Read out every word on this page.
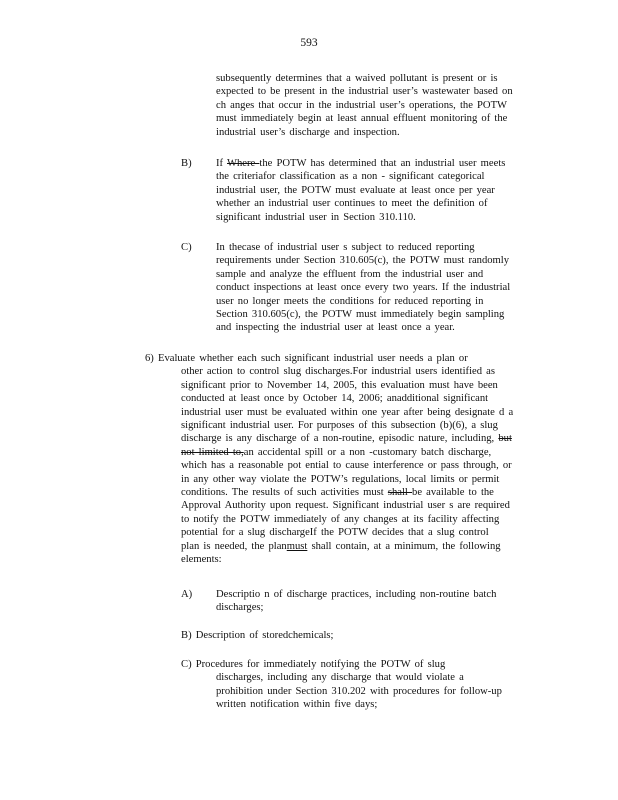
593
subsequently determines that a waived pollutant is present or is
expected to be present in the industrial user’s wastewater based on
ch anges that occur in the industrial user’s operations, the POTW
must immediately begin at least annual effluent monitoring of the
industrial user’s discharge and inspection.
B) If Where the POTW has determined that an industrial user meets
the criteriafor classification as a non - significant categorical
industrial user, the POTW must evaluate at least once per year
whether an industrial user continues to meet the definition of
significant industrial user in Section 310.110.
C) In thecase of industrial user s subject to reduced reporting
requirements under Section 310.605(c), the POTW must randomly
sample and analyze the effluent from the industrial user and
conduct inspections at least once every two years. If the industrial
user no longer meets the conditions for reduced reporting in
Section 310.605(c), the POTW must immediately begin sampling
and inspecting the industrial user at least once a year.
6) Evaluate whether each such significant industrial user needs a plan or
other action to control slug discharges.For industrial users identified as
significant prior to November 14, 2005, this evaluation must have been
conducted at least once by October 14, 2006; anadditional significant
industrial user must be evaluated within one year after being designate d a
significant industrial user. For purposes of this subsection (b)(6), a slug
discharge is any discharge of a non-routine, episodic nature, including, but
not limited to,an accidental spill or a non -customary batch discharge,
which has a reasonable pot ential to cause interference or pass through, or
in any other way violate the POTW’s regulations, local limits or permit
conditions. The results of such activities must shall be available to the
Approval Authority upon request. Significant industrial user s are required
to notify the POTW immediately of any changes at its facility affecting
potential for a slug dischargeIf the POTW decides that a slug control
plan is needed, the planmust shall contain, at a minimum, the following
elements:
A) Descriptio n of discharge practices, including non-routine batch
discharges;
B) Description of storedchemicals;
C) Procedures for immediately notifying the POTW of slug
discharges, including any discharge that would violate a
prohibition under Section 310.202 with procedures for follow-up
written notification within five days;
